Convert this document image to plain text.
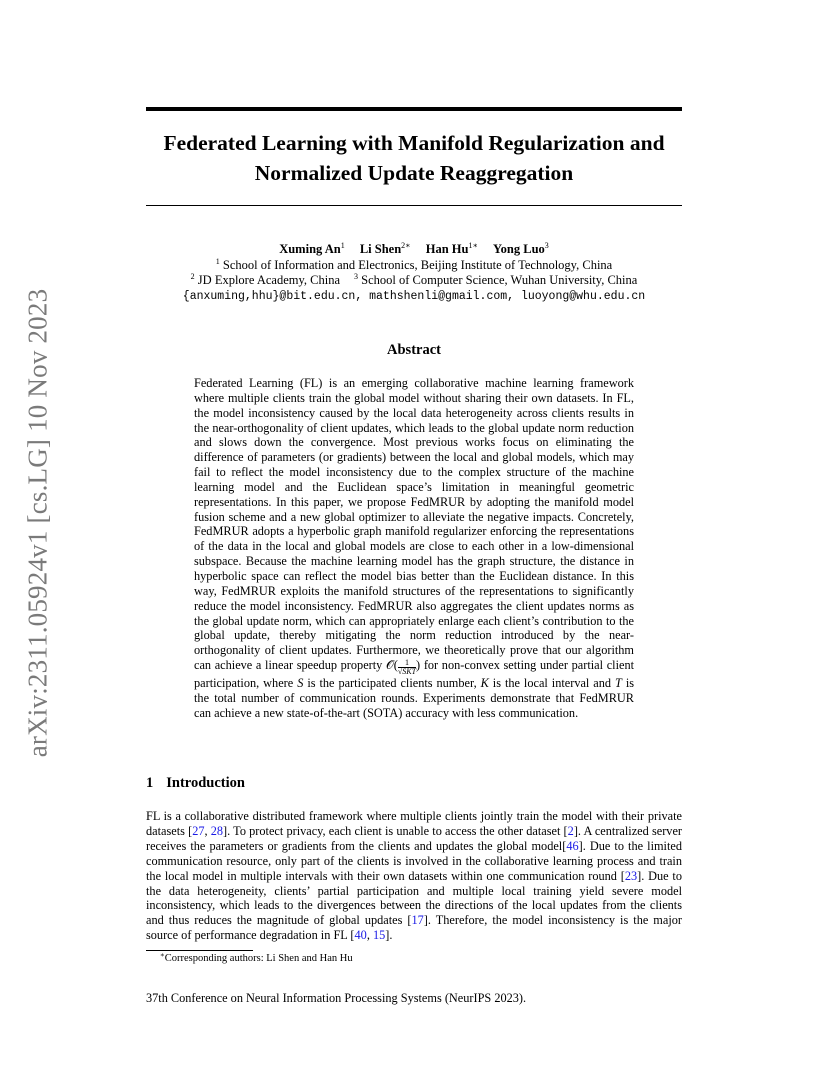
arXiv:2311.05924v1 [cs.LG] 10 Nov 2023
Federated Learning with Manifold Regularization and
Normalized Update Reaggregation
Xuming An$^1$ Li Shen$^{2∗}$ Han $Hu^{1∗}$ Yong Luo$^3$
$^1$ School of Information and Electronics, Beijing Institute of Technology, China
$^2$ JD Explore Academy, China $^3$ School of Computer Science, Wuhan University, China
{anxuming,hhu}@bit.edu.cn, mathshenli@gmail.com, luoyong@whu.edu.cn
Abstract

Federated Learning (FL) is an emerging collaborative machine learning framework where multiple clients train the global model without sharing their own datasets. In FL, the model inconsistency caused by the local data heterogeneity across clients results in the near-orthogonality of client updates, which leads to the global update norm reduction and slows down the convergence. Most previous works focus on eliminating the difference of parameters (or gradients) between the local and global models, which may fail to reflect the model inconsistency due to the complex structure of the machine learning model and the Euclidean space’s limitation in meaningful geometric representations. In this paper, we propose FedMRUR by adopting the manifold model fusion scheme and a new global optimizer to alleviate the negative impacts. Concretely, FedMRUR adopts a hyperbolic graph manifold regularizer enforcing the representations of the data in the local and global models are close to each other in a low-dimensional subspace. Because the machine learning model has the graph structure, the distance in hyperbolic space can reflect the model bias better than the Euclidean distance. In this way, FedMRUR exploits the manifold structures of the representations to significantly reduce the model inconsistency. FedMRUR also aggregates the client updates norms as the global update norm, which can appropriately enlarge each client’s contribution to the global update, thereby mitigating the norm reduction introduced by the near-orthogonality of client updates. Furthermore, we theoretically prove that our algorithm can achieve a linear speedup property 𝒪( $\frac{1}{\text{√SKT}}$ ) for non-convex setting under partial client participation, where S is the participated clients number, K is the local interval and T is the total number of communication rounds. Experiments demonstrate that FedMRUR can achieve a new state-of-the-art (SOTA) accuracy with less communication.

1 Introduction

FL is a collaborative distributed framework where multiple clients jointly train the model with their private datasets [27, 28]. To protect privacy, each client is unable to access the other dataset [2]. A centralized server receives the parameters or gradients from the clients and updates the global model[46]. Due to the limited communication resource, only part of the clients is involved in the collaborative learning process and train the local model in multiple intervals with their own datasets within one communication round [23]. Due to the data heterogeneity, clients’ partial participation and multiple local training yield severe model inconsistency, which leads to the divergences between the directions of the local updates from the clients and thus reduces the magnitude of global updates [17]. Therefore, the model inconsistency is the major source of performance degradation in FL [40, 15].

∗Corresponding authors: Li Shen and Han Hu

37th Conference on Neural Information Processing Systems (NeurIPS 2023).
